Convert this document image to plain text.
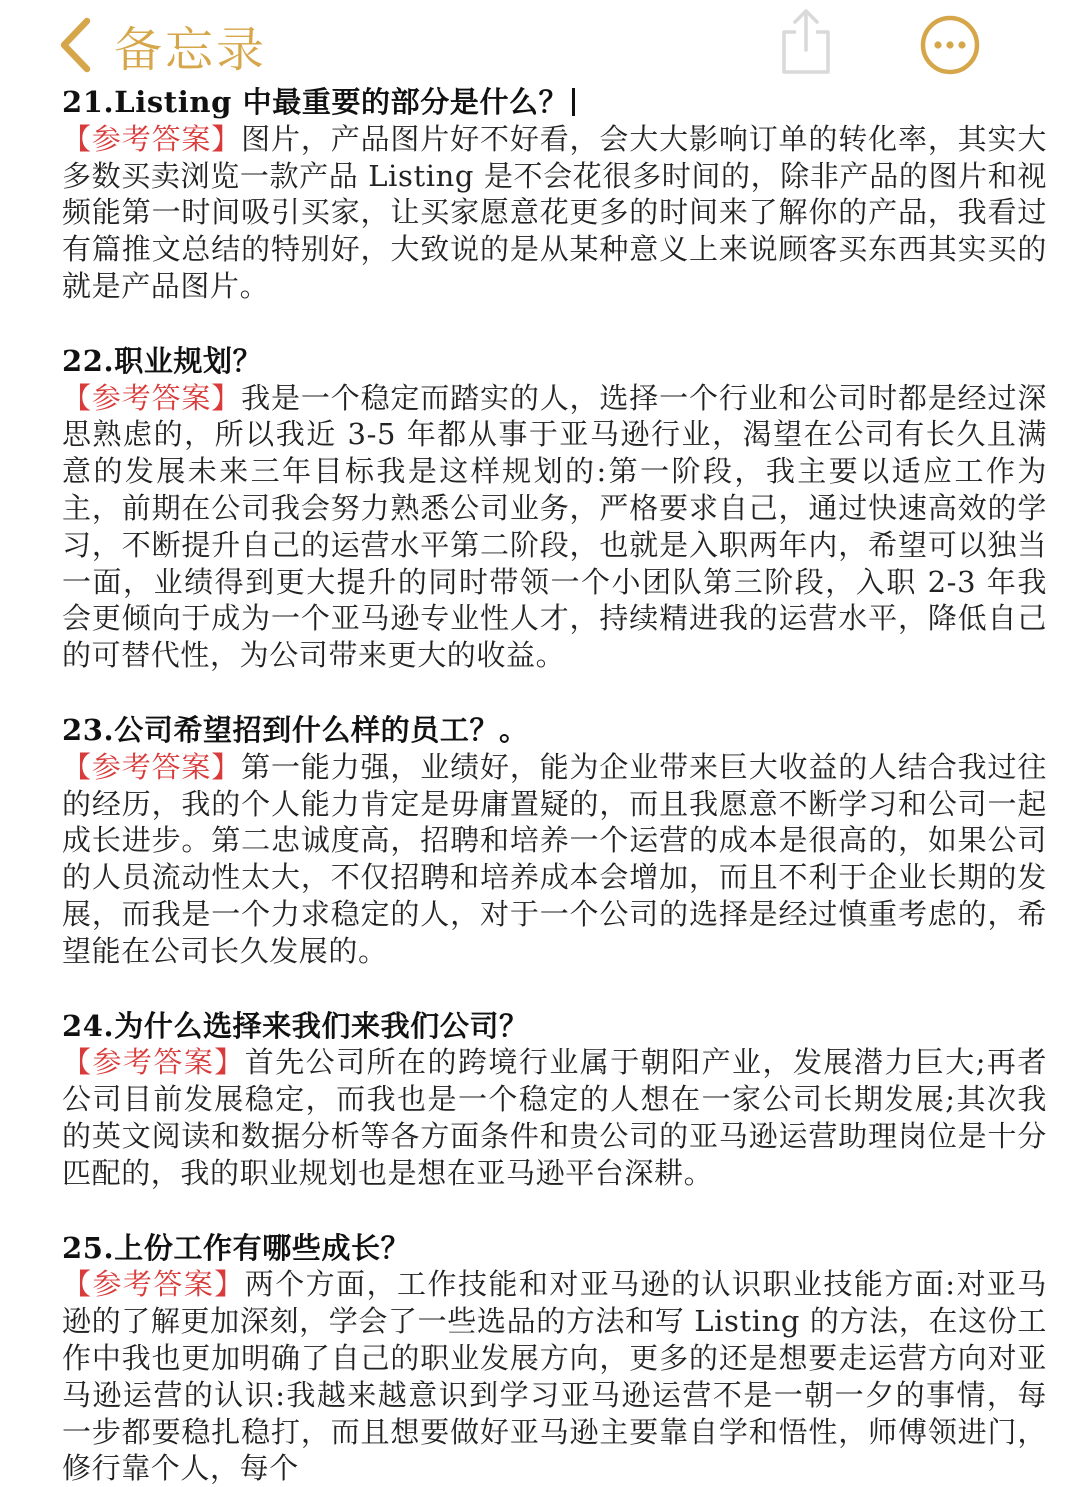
备忘录

21.Listing 中最重要的部分是什么？

【参考答案】图片，产品图片好不好看，会大大影响订单的转化率，其实大多数买卖浏览一款产品 Listing 是不会花很多时间的，除非产品的图片和视频能第一时间吸引买家，让买家愿意花更多的时间来了解你的产品，我看过有篇推文总结的特别好，大致说的是从某种意义上来说顾客买东西其实买的就是产品图片。

22.职业规划？

【参考答案】我是一个稳定而踏实的人，选择一个行业和公司时都是经过深思熟虑的，所以我近 3-5 年都从事于亚马逊行业，渴望在公司有长久且满意的发展未来三年目标我是这样规划的:第一阶段，我主要以适应工作为主，前期在公司我会努力熟悉公司业务，严格要求自己，通过快速高效的学习，不断提升自己的运营水平第二阶段，也就是入职两年内，希望可以独当一面，业绩得到更大提升的同时带领一个小团队第三阶段，入职 2-3 年我会更倾向于成为一个亚马逊专业性人才，持续精进我的运营水平，降低自己的可替代性，为公司带来更大的收益。

23.公司希望招到什么样的员工？。

【参考答案】第一能力强，业绩好，能为企业带来巨大收益的人结合我过往的经历，我的个人能力肯定是毋庸置疑的，而且我愿意不断学习和公司一起成长进步。第二忠诚度高，招聘和培养一个运营的成本是很高的，如果公司的人员流动性太大，不仅招聘和培养成本会增加，而且不利于企业长期的发展，而我是一个力求稳定的人，对于一个公司的选择是经过慎重考虑的，希望能在公司长久发展的。

24.为什么选择来我们来我们公司？

【参考答案】首先公司所在的跨境行业属于朝阳产业，发展潜力巨大;再者公司目前发展稳定，而我也是一个稳定的人想在一家公司长期发展;其次我的英文阅读和数据分析等各方面条件和贵公司的亚马逊运营助理岗位是十分匹配的，我的职业规划也是想在亚马逊平台深耕。

25.上份工作有哪些成长？

【参考答案】两个方面，工作技能和对亚马逊的认识职业技能方面:对亚马逊的了解更加深刻，学会了一些选品的方法和写 Listing 的方法，在这份工作中我也更加明确了自己的职业发展方向，更多的还是想要走运营方向对亚马逊运营的认识:我越来越意识到学习亚马逊运营不是一朝一夕的事情，每一步都要稳扎稳打，而且想要做好亚马逊主要靠自学和悟性，师傅领进门，修行靠个人，每个
